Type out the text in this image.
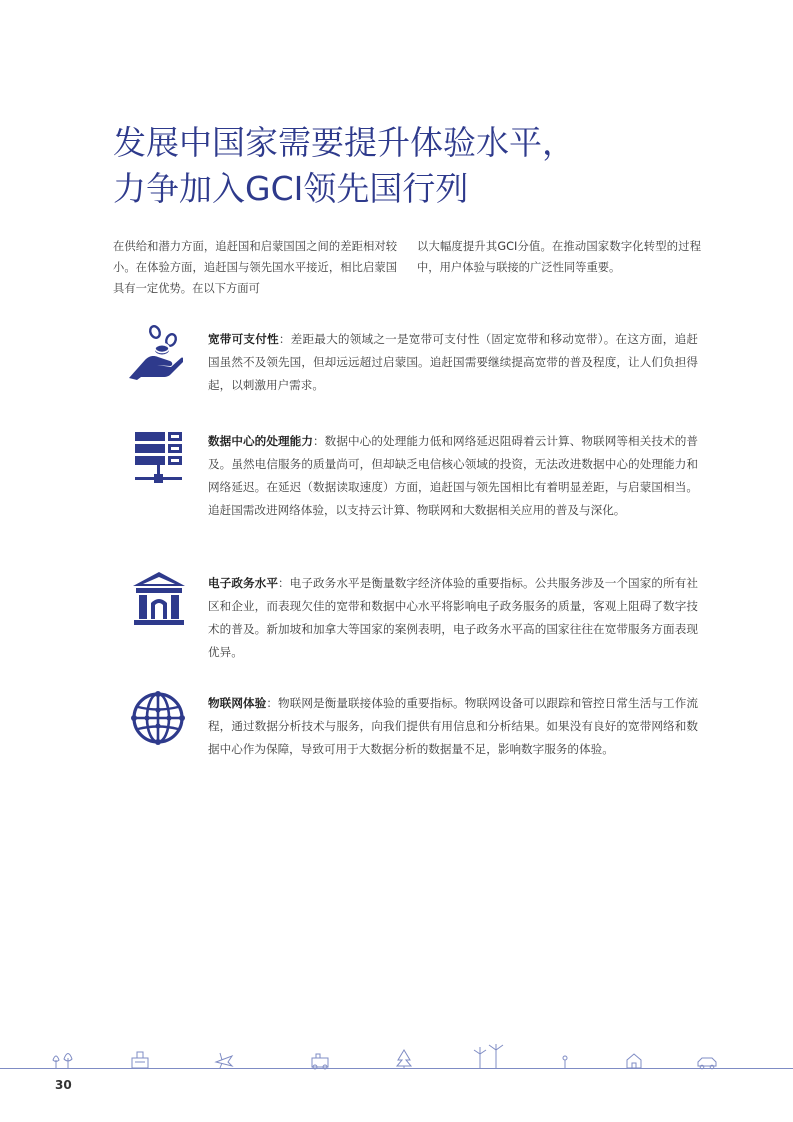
发展中国家需要提升体验水平，
力争加入GCI领先国行列

在供给和潜力方面，追赶国和启蒙国国之间的差距相对较小。在体验方面，追赶国与领先国水平接近，相比启蒙国具有一定优势。在以下方面可

以大幅度提升其GCI分值。在推动国家数字化转型的过程中，用户体验与联接的广泛性同等重要。

宽带可支付性：差距最大的领域之一是宽带可支付性（固定宽带和移动宽带）。在这方面，追赶国虽然不及领先国，但却远远超过启蒙国。追赶国需要继续提高宽带的普及程度，让人们负担得起，以刺激用户需求。

数据中心的处理能力：数据中心的处理能力低和网络延迟阻碍着云计算、物联网等相关技术的普及。虽然电信服务的质量尚可，但却缺乏电信核心领域的投资，无法改进数据中心的处理能力和网络延迟。在延迟（数据读取速度）方面，追赶国与领先国相比有着明显差距，与启蒙国相当。追赶国需改进网络体验，以支持云计算、物联网和大数据相关应用的普及与深化。

电子政务水平：电子政务水平是衡量数字经济体验的重要指标。公共服务涉及一个国家的所有社区和企业，而表现欠佳的宽带和数据中心水平将影响电子政务服务的质量，客观上阻碍了数字技术的普及。新加坡和加拿大等国家的案例表明，电子政务水平高的国家往往在宽带服务方面表现优异。

物联网体验：物联网是衡量联接体验的重要指标。物联网设备可以跟踪和管控日常生活与工作流程，通过数据分析技术与服务，向我们提供有用信息和分析结果。如果没有良好的宽带网络和数据中心作为保障，导致可用于大数据分析的数据量不足，影响数字服务的体验。

30
